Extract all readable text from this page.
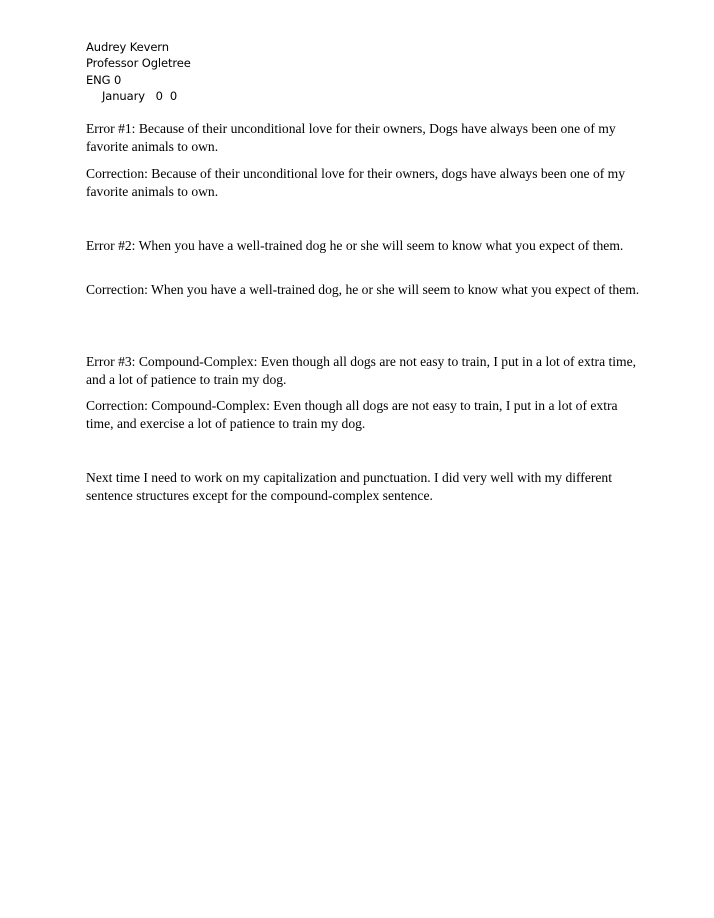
Audrey Kevern
Professor Ogletree
ENG 0
January   0  0

Error #1: Because of their unconditional love for their owners, Dogs have always been one of my favorite animals to own.

Correction: Because of their unconditional love for their owners, dogs have always been one of my favorite animals to own.

Error #2: When you have a well-trained dog he or she will seem to know what you expect of them.

Correction: When you have a well-trained dog, he or she will seem to know what you expect of them.

Error #3: Compound-Complex: Even though all dogs are not easy to train, I put in a lot of extra time, and a lot of patience to train my dog.

Correction: Compound-Complex: Even though all dogs are not easy to train, I put in a lot of extra time, and exercise a lot of patience to train my dog.

Next time I need to work on my capitalization and punctuation. I did very well with my different sentence structures except for the compound-complex sentence.
